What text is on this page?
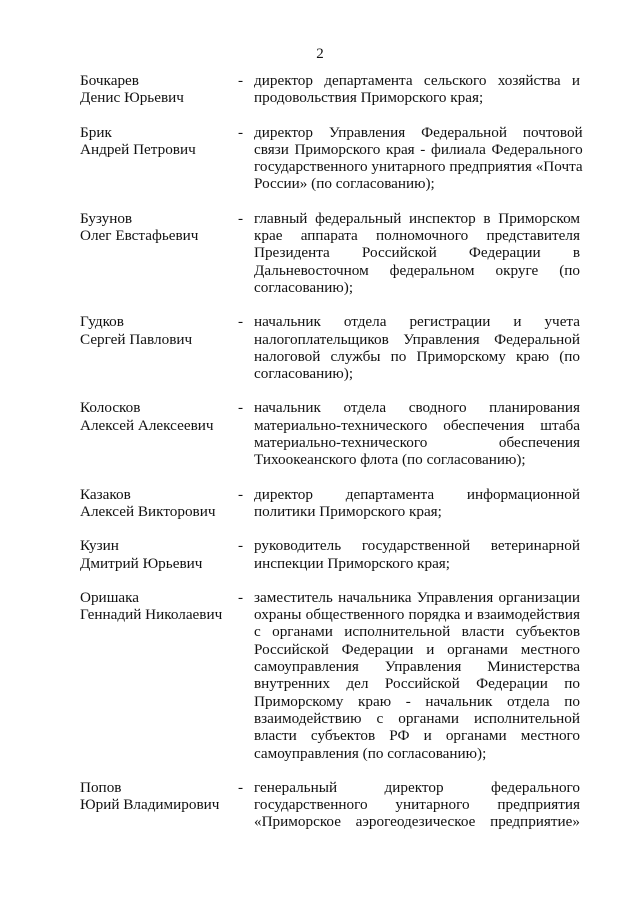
2
Бочкарев
Денис Юрьевич
- директор департамента сельского хозяйства и
продовольствия Приморского края;
Брик
Андрей Петрович
- директор Управления Федеральной почтовой
связи Приморского края - филиала Федерального
государственного унитарного предприятия «Почта
России» (по согласованию);
Бузунов
Олег Евстафьевич
- главный федеральный инспектор в Приморском
крае аппарата полномочного представителя
Президента Российской Федерации в
Дальневосточном федеральном округе (по
согласованию);
Гудков
Сергей Павлович
- начальник отдела регистрации и учета
налогоплательщиков Управления Федеральной
налоговой службы по Приморскому краю (по
согласованию);
Колосков
Алексей Алексеевич
- начальник отдела сводного планирования
материально-технического обеспечения штаба
материально-технического обеспечения
Тихоокеанского флота (по согласованию);
Казаков
Алексей Викторович
- директор департамента информационной
политики Приморского края;
Кузин
Дмитрий Юрьевич
- руководитель государственной ветеринарной
инспекции Приморского края;
Оришака
Геннадий Николаевич
- заместитель начальника Управления организации
охраны общественного порядка и взаимодействия
с органами исполнительной власти субъектов
Российской Федерации и органами местного
самоуправления Управления Министерства
внутренних дел Российской Федерации по
Приморскому краю - начальник отдела по
взаимодействию с органами исполнительной
власти субъектов РФ и органами местного
самоуправления (по согласованию);
Попов
Юрий Владимирович
- генеральный директор федерального
государственного унитарного предприятия
«Приморское аэрогеодезическое предприятие»
